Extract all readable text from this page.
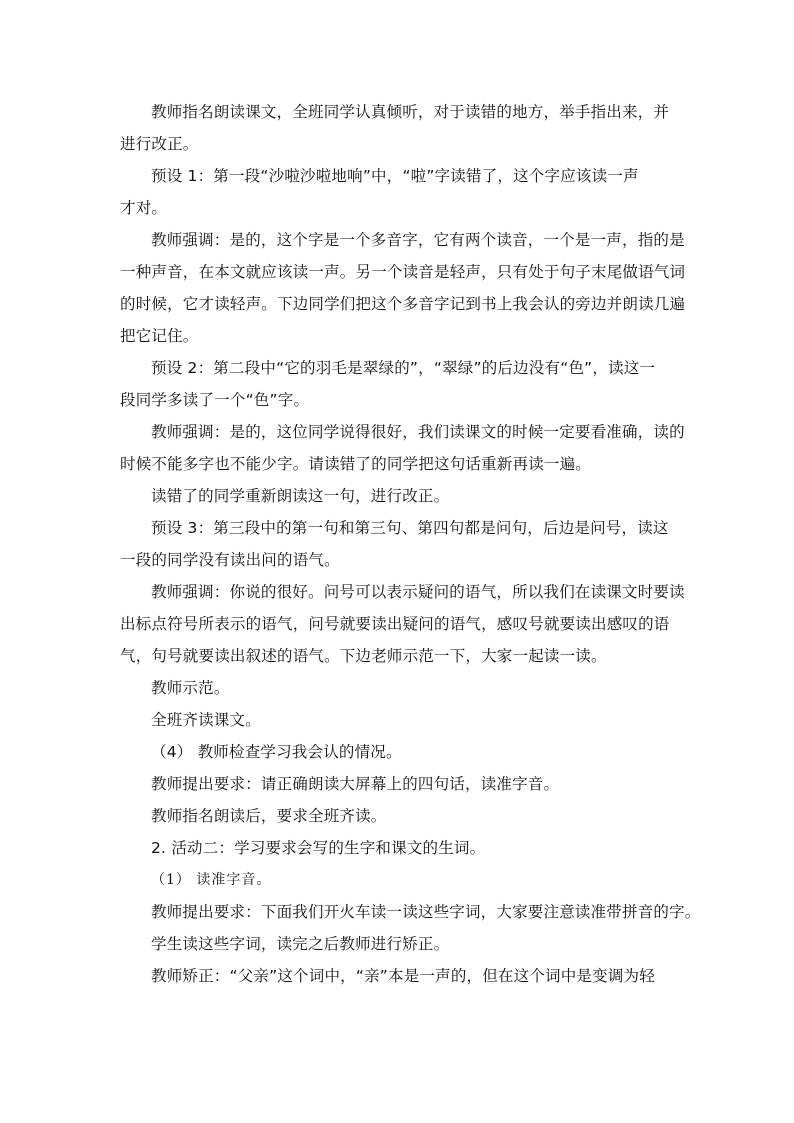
教师指名朗读课文，全班同学认真倾听，对于读错的地方，举手指出来，并
进行改正。

预设 1：第一段“沙啦沙啦地响”中，“啦”字读错了，这个字应该读一声
才对。

教师强调：是的，这个字是一个多音字，它有两个读音，一个是一声，指的是
一种声音，在本文就应该读一声。另一个读音是轻声，只有处于句子末尾做语气词
的时候，它才读轻声。下边同学们把这个多音字记到书上我会认的旁边并朗读几遍
把它记住。

预设 2：第二段中“它的羽毛是翠绿的”，“翠绿”的后边没有“色”，读这一
段同学多读了一个“色”字。

教师强调：是的，这位同学说得很好，我们读课文的时候一定要看准确，读的
时候不能多字也不能少字。请读错了的同学把这句话重新再读一遍。

读错了的同学重新朗读这一句，进行改正。

预设 3：第三段中的第一句和第三句、第四句都是问句，后边是问号，读这
一段的同学没有读出问的语气。

教师强调：你说的很好。问号可以表示疑问的语气，所以我们在读课文时要读
出标点符号所表示的语气，问号就要读出疑问的语气，感叹号就要读出感叹的语
气，句号就要读出叙述的语气。下边老师示范一下，大家一起读一读。

教师示范。

全班齐读课文。

（4） 教师检查学习我会认的情况。

教师提出要求：请正确朗读大屏幕上的四句话，读准字音。

教师指名朗读后，要求全班齐读。

2. 活动二：学习要求会写的生字和课文的生词。

（1） 读准字音。

教师提出要求：下面我们开火车读一读这些字词，大家要注意读准带拼音的字。

学生读这些字词，读完之后教师进行矫正。

教师矫正：“父亲”这个词中，“亲”本是一声的，但在这个词中是变调为轻
